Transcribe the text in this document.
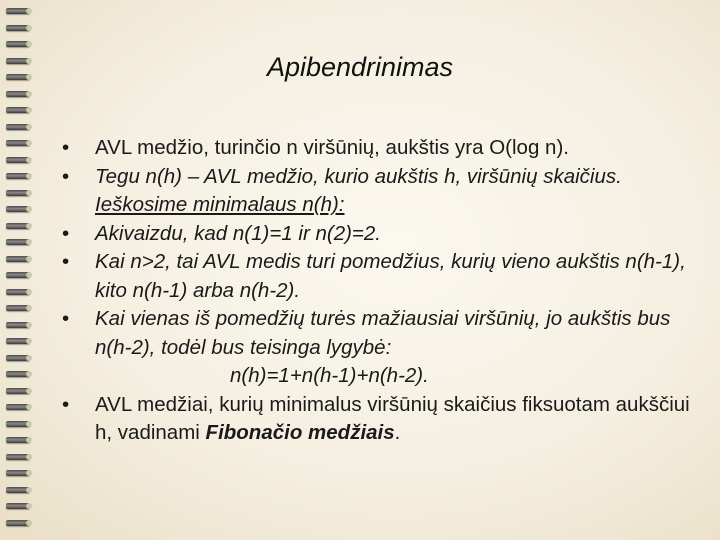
Apibendrinimas
• AVL medžio, turinčio n viršūnių, aukštis yra O(log n).
• Tegu n(h) – AVL medžio, kurio aukštis h, viršūnių skaičius. Ieškosime minimalaus n(h):
• Akivaizdu, kad n(1)=1 ir n(2)=2.
• Kai n>2, tai AVL medis turi pomedžius, kurių vieno aukštis n(h-1), kito n(h-1) arba n(h-2).
• Kai vienas iš pomedžių turės mažiausiai viršūnių, jo aukštis bus n(h-2), todėl bus teisinga lygybė:
n(h)=1+n(h-1)+n(h-2).
• AVL medžiai, kurių minimalus viršūnių skaičius fiksuotam aukščiui h, vadinami Fibonačio medžiais.
